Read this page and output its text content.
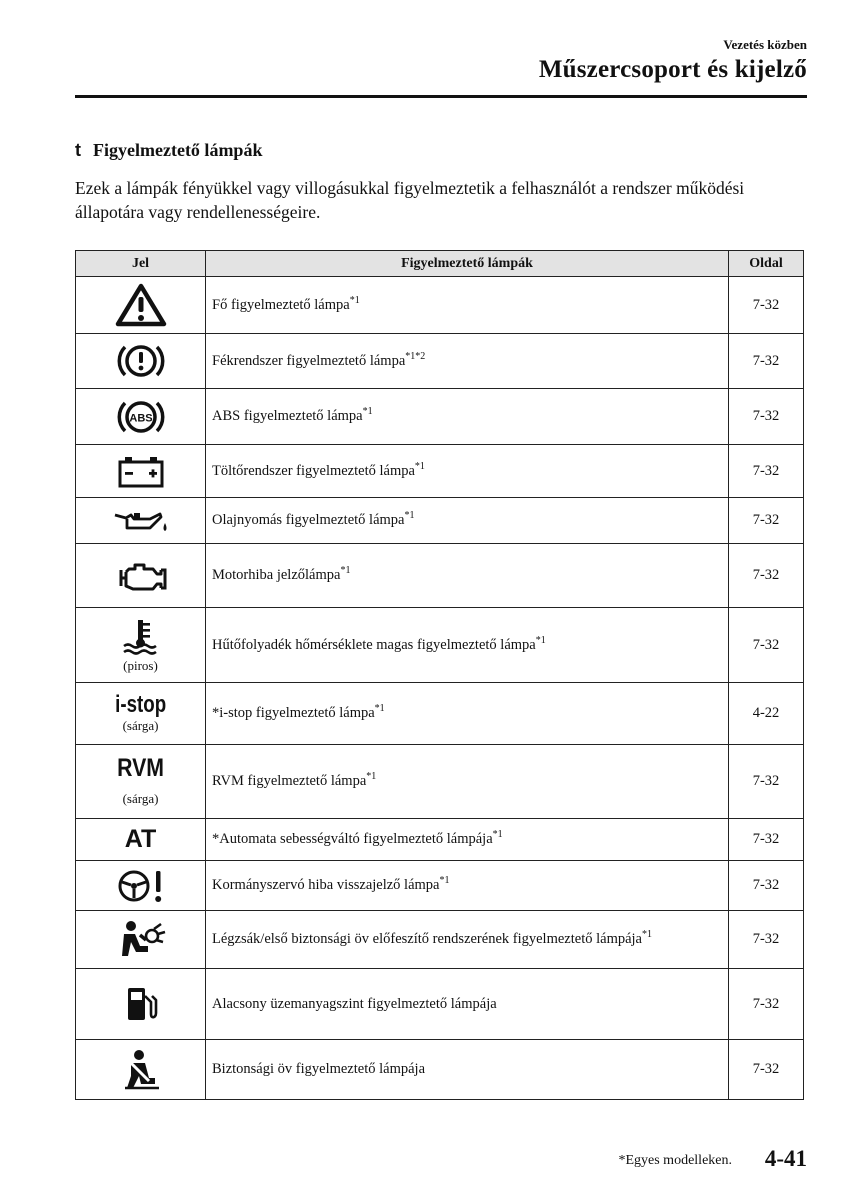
Vezetés közben
Műszercsoport és kijelző
t Figyelmeztető lámpák
Ezek a lámpák fényükkel vagy villogásukkal figyelmeztetik a felhasználót a rendszer működési állapotára vagy rendellenességeire.
Jel	Figyelmeztető lámpák	Oldal

	Fő figyelmeztető lámpa$^{*1}$	7-32

	Fékrendszer figyelmeztető lámpa$^{*1*2}$	7-32

ABS	ABS figyelmeztető lámpa$^{*1}$	7-32

	Töltőrendszer figyelmeztető lámpa$^{*1}$	7-32

	Olajnyomás figyelmeztető lámpa$^{*1}$	7-32

	Motorhiba jelzőlámpa$^{*1}$	7-32

(piros)	Hűtőfolyadék hőmérséklete magas figyelmeztető lámpa$^{*1}$	7-32

i-stop
(sárga)	*i-stop figyelmeztető lámpa$^{*1}$	4-22

RVM
(sárga)	RVM figyelmeztető lámpa$^{*1}$	7-32

AT	*Automata sebességváltó figyelmeztető lámpája$^{*1}$	7-32

	Kormányszervó hiba visszajelző lámpa$^{*1}$	7-32

	Légzsák/első biztonsági öv előfeszítő rendszerének figyelmeztető lámpája$^{*1}$	7-32

	Alacsony üzemanyagszint figyelmeztető lámpája	7-32

	Biztonsági öv figyelmeztető lámpája	7-32
*Egyes modelleken. 4-41
